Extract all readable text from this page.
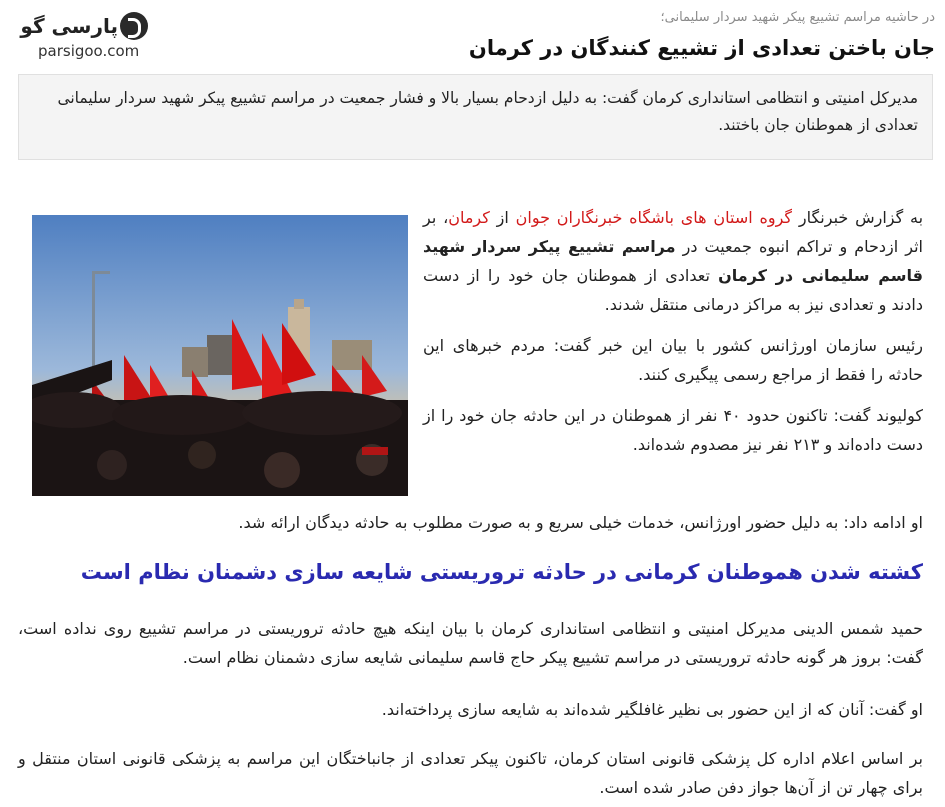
در حاشیه مراسم تشییع پیکر شهید سردار سلیمانی؛
جان باختن تعدادی از تشییع کنندگان در کرمان
پارسی گو
parsigoo.com
مدیرکل امنیتی و انتظامی استانداری کرمان گفت: به دلیل ازدحام بسیار بالا و فشار جمعیت در مراسم تشییع پیکر شهید سردار سلیمانی تعدادی از هموطنان جان باختند.

به گزارش خبرنگار گروه استان های باشگاه خبرنگاران جوان از کرمان، بر اثر ازدحام و تراکم انبوه جمعیت در مراسم تشییع پیکر سردار شهید قاسم سلیمانی در کرمان تعدادی از هموطنان جان خود را از دست دادند و تعدادی نیز به مراکز درمانی منتقل شدند.

رئیس سازمان اورژانس کشور با بیان این خبر گفت: مردم خبرهای این حادثه را فقط از مراجع رسمی پیگیری کنند.

کولیوند گفت: تاکنون حدود ۴۰ نفر از هموطنان در این حادثه جان خود را از دست داده‌اند و ۲۱۳ نفر نیز مصدوم شده‌اند.

او ادامه داد: به دلیل حضور اورژانس، خدمات خیلی سریع و به صورت مطلوب به حادثه دیدگان ارائه شد.
کشته شدن هموطنان کرمانی در حادثه تروریستی شایعه سازی دشمنان نظام است
حمید شمس الدینی مدیرکل امنیتی و انتظامی استانداری کرمان با بیان اینکه هیچ حادثه تروریستی در مراسم تشییع روی نداده است، گفت: بروز هر گونه حادثه تروریستی در مراسم تشییع پیکر حاج قاسم سلیمانی شایعه سازی دشمنان نظام است.
او گفت: آنان که از این حضور بی نظیر غافلگیر شده‌اند به شایعه سازی پرداخته‌اند.
بر اساس اعلام اداره کل پزشکی قانونی استان کرمان، تاکنون پیکر تعدادی از جانباختگان این مراسم به پزشکی قانونی استان منتقل و برای چهار تن از آن‌ها جواز دفن صادر شده است.
